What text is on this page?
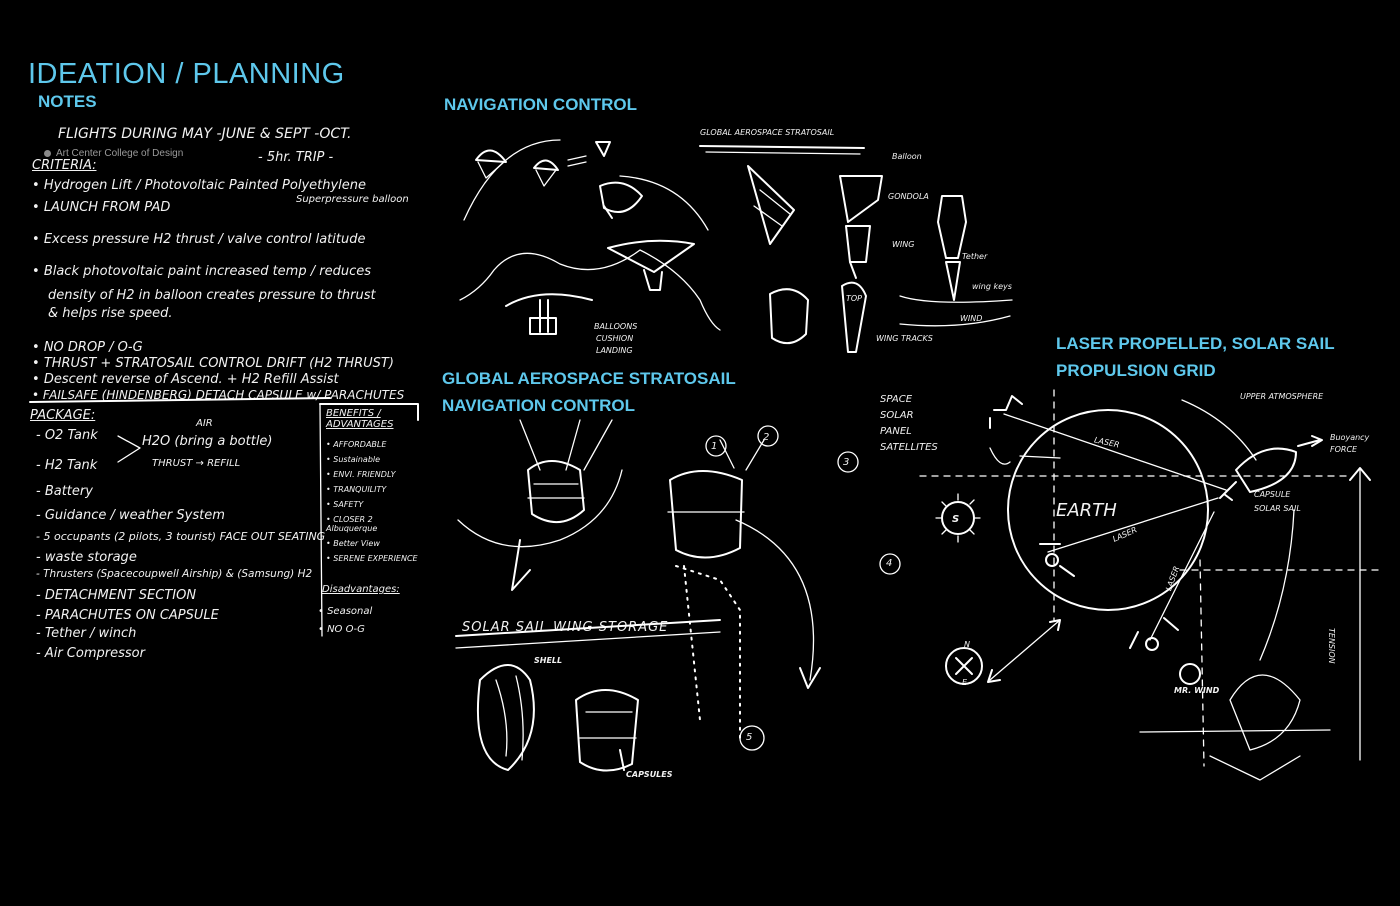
IDEATION / PLANNING
NOTES
Art Center College of Design
NAVIGATION CONTROL
GLOBAL AEROSPACE STRATOSAIL
NAVIGATION CONTROL
LASER PROPELLED, SOLAR SAIL
PROPULSION GRID
FLIGHTS DURING MAY -JUNE & SEPT -OCT.
- 5hr. TRIP -
CRITERIA:
• Hydrogen Lift / Photovoltaic Painted Polyethylene
Superpressure balloon
• LAUNCH FROM PAD
• Excess pressure H2 thrust / valve control latitude
• Black photovoltaic paint increased temp / reduces
density of H2 in balloon creates pressure to thrust
& helps rise speed.
• NO DROP / O-G
• THRUST + STRATOSAIL CONTROL DRIFT (H2 THRUST)
• Descent reverse of Ascend. + H2 Refill Assist
• FAILSAFE (HINDENBERG) DETACH CAPSULE w/ PARACHUTES
PACKAGE:
- O2 Tank
AIR
H2O (bring a bottle)
- H2 Tank	THRUST → REFILL
- Battery
- Guidance / weather System
- 5 occupants (2 pilots, 3 tourist) FACE OUT SEATING
- waste storage
- Thrusters (Spacecoupwell Airship) & (Samsung) H2
- DETACHMENT SECTION
- PARACHUTES ON CAPSULE
- Tether / winch
- Air Compressor
BENEFITS / ADVANTAGES
• AFFORDABLE
• Sustainable
• ENVI. FRIENDLY
• TRANQUILITY
• SAFETY
• CLOSER 2 Albuquerque
• Better View
• SERENE EXPERIENCE
Disadvantages:
• Seasonal
• NO O-G
BALLOONS
CUSHION
LANDING
GLOBAL AEROSPACE STRATOSAIL
Balloon
GONDOLA
WING
Tether
wing keys
WIND
TOP
WING TRACKS
SOLAR SAIL WING STORAGE
SHELL
CAPSULES
1
2
3
4
5
SPACE
SOLAR
PANEL
SATELLITES
UPPER ATMOSPHERE
Buoyancy
FORCE
CAPSULE
SOLAR SAIL
EARTH
LASER
LASER
LASER
S
TENSION
MR. WIND
N
E
